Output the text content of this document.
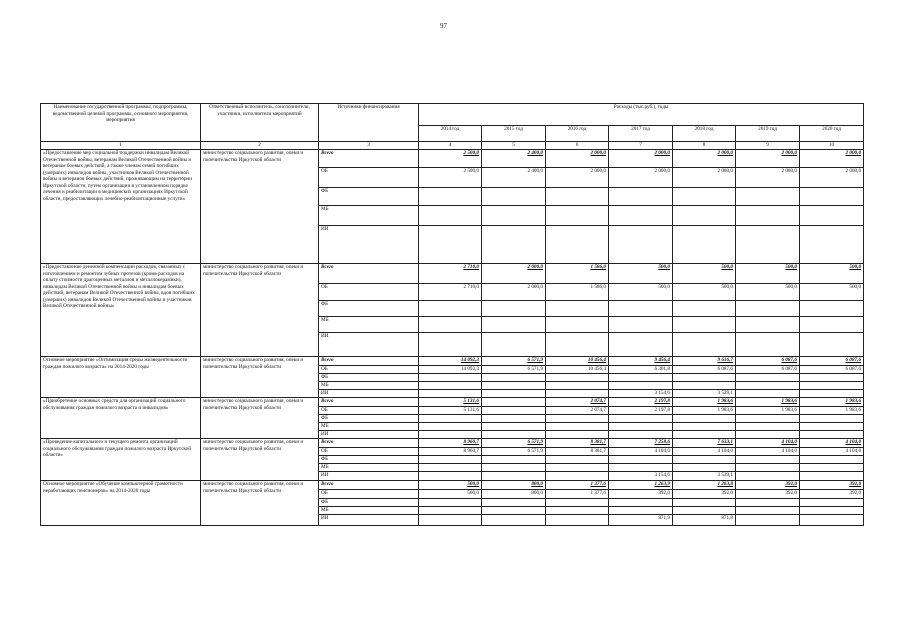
97
Наименование государственной программы, подпрограммы, ведомственной целевой программы, основного мероприятия, мероприятия	Ответственный исполнитель, соисполнители, участники, исполнители мероприятий	Источники финансирования	Расходы (тыс.руб.), годы						
			2014 год	2015 год	2016 год	2017 год	2018 год	2019 год	2020 год
1	2	3	4	5	6	7	8	9	10
«Предоставление мер социальной поддержки инвалидам Великой Отечественной войны, ветеранам Великой Отечественной войны и ветеранам боевых действий, а также членам семей погибших (умерших) инвалидов войны, участников Великой Отечественной войны и ветеранов боевых действий, проживающим на территории Иркутской области, путем организации в установленном порядке лечения и реабилитации в медицинских организациях Иркутской области, предоставляющих лечебно-реабилитационные услуги»	министерство социального развития, опеки и попечительства Иркутской области	Всего	2 500,0	2 400,0	2 000,0	2 000,0	2 000,0	2 000,0	2 000,0
		ОБ	2 500,0	2 400,0	2 000,0	2 000,0	2 000,0	2 000,0	2 000,0
		ФБ							
		МБ							
		ИИ							
«Предоставление денежной компенсации расходов, связанных с изготовлением и ремонтом зубных протезов (кроме расходов на оплату стоимости драгоценных металлов и металлокерамики), инвалидам Великой Отечественной войны и инвалидам боевых действий, ветеранам Великой Отечественной войны, вдов погибших (умерших) инвалидов Великой Отечественной войны и участников Великой Отечественной войны»	министерство социального развития, опеки и попечительства Иркутской области	Всего	2 710,0	2 000,0	1 586,0	500,0	500,0	500,0	500,0
		ОБ	2 710,0	2 000,0	1 586,0	500,0	500,0	500,0	500,0
		ФБ							
		МБ							
		ИИ							
Основное мероприятие «Оптимизация среды жизнедеятельности граждан пожилого возраста» на 2014-2020 годы	министерство социального развития, опеки и попечительства Иркутской области	Всего	14 092,3	6 571,9	10 456,4	9 456,4	9 616,7	6 087,6	6 087,6
		ОБ	14 092,3	6 571,9	10 456,4	6 301,8	6 087,6	6 087,6	6 087,6
		ФБ							
		МБ							
		ИИ				3 154,6	3 529,1		
«Приобретение основных средств для организаций социального обслуживания граждан пожилого возраста и инвалидов»	министерство социального развития, опеки и попечительства Иркутской области	Всего	5 131,6		2 074,7	2 197,8	1 983,6	1 983,6	1 983,6
		ОБ	5 131,6		2 074,7	2 197,8	1 983,6	1 983,6	1 983,6
		ФБ							
		МБ							
		ИИ							
«Проведение капитального и текущего ремонта организаций социального обслуживания граждан пожилого возраста Иркутской области»	министерство социального развития, опеки и попечительства Иркутской области	Всего	8 960,7	6 571,9	8 381,7	7 258,6	7 633,1	4 104,0	4 104,0
		ОБ	8 960,7	6 571,9	8 381,7	4 104,0	4 104,0	4 104,0	4 104,0
		ФБ							
		МБ							
		ИИ				3 154,6	3 529,1		
Основное мероприятие «Обучение компьютерной грамотности неработающих пенсионеров» на 2014-2020 годы	министерство социального развития, опеки и попечительства Иркутской области	Всего	500,0	800,0	1 377,6	1 263,9	1 263,8	392,0	392,0
		ОБ	500,0	800,0	1 377,6	392,0	392,0	392,0	392,0
		ФБ							
		МБ							
		ИИ				871,9	871,8		
